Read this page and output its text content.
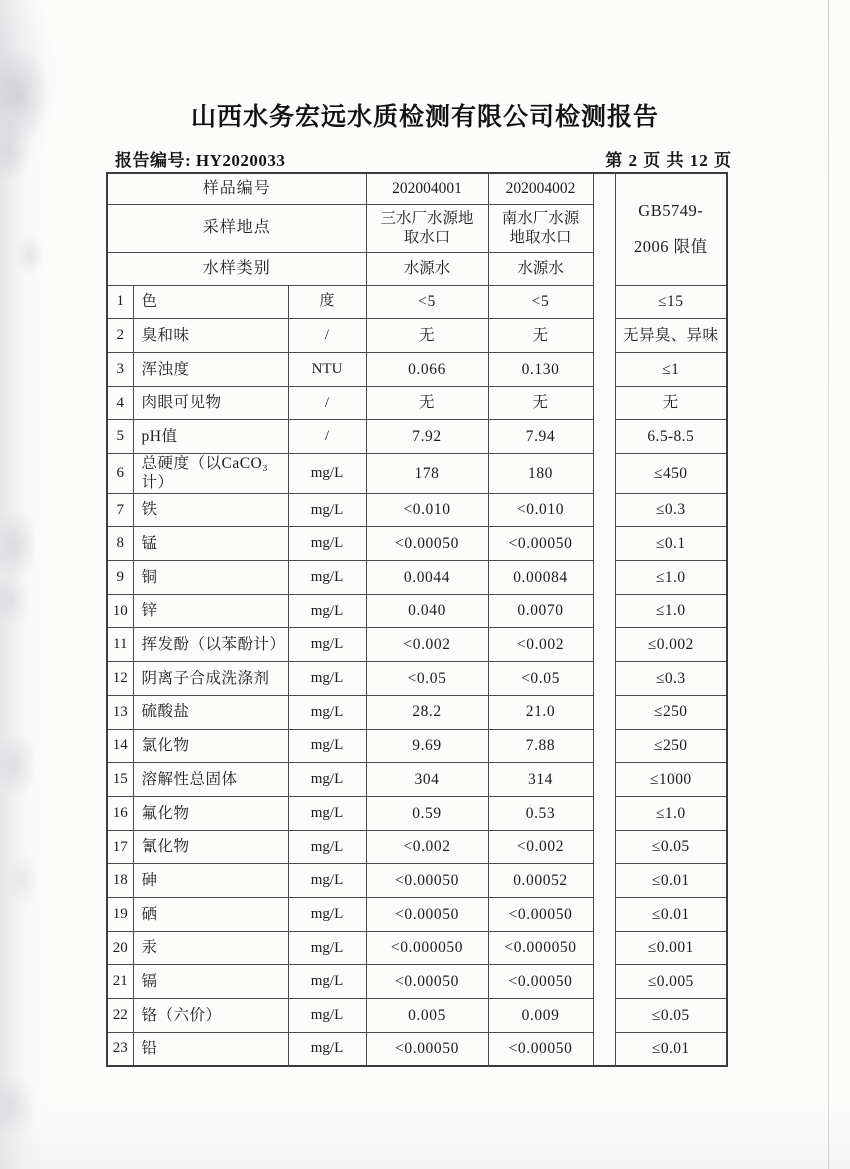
山西水务宏远水质检测有限公司检测报告
报告编号: HY2020033	第 2 页 共 12 页
样品编号			202004001	202004002		GB5749-
2006 限值

采样地点			三水厂水源地取水口	南水厂水源地取水口		
水样类别			水源水	水源水		
1	色	度	<5	<5		≤15
2	臭和味	/	无	无		无异臭、异味
3	浑浊度	NTU	0.066	0.130		≤1
4	肉眼可见物	/	无	无		无
5	pH值	/	7.92	7.94		6.5-8.5
6	总硬度（以CaCO₃计）	mg/L	178	180		≤450
7	铁	mg/L	<0.010	<0.010		≤0.3
8	锰	mg/L	<0.00050	<0.00050		≤0.1
9	铜	mg/L	0.0044	0.00084		≤1.0
10	锌	mg/L	0.040	0.0070		≤1.0
11	挥发酚（以苯酚计）	mg/L	<0.002	<0.002		≤0.002
12	阴离子合成洗涤剂	mg/L	<0.05	<0.05		≤0.3
13	硫酸盐	mg/L	28.2	21.0		≤250
14	氯化物	mg/L	9.69	7.88		≤250
15	溶解性总固体	mg/L	304	314		≤1000
16	氟化物	mg/L	0.59	0.53		≤1.0
17	氰化物	mg/L	<0.002	<0.002		≤0.05
18	砷	mg/L	<0.00050	0.00052		≤0.01
19	硒	mg/L	<0.00050	<0.00050		≤0.01
20	汞	mg/L	<0.000050	<0.000050		≤0.001
21	镉	mg/L	<0.00050	<0.00050		≤0.005
22	铬（六价）	mg/L	0.005	0.009		≤0.05
23	铅	mg/L	<0.00050	<0.00050		≤0.01
